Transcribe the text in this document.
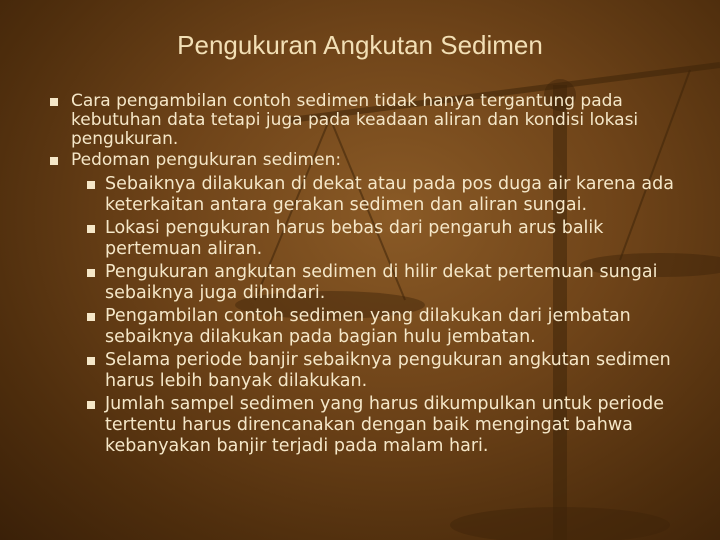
Pengukuran Angkutan Sedimen
Cara pengambilan contoh sedimen tidak hanya tergantung pada kebutuhan data tetapi juga pada keadaan aliran dan kondisi lokasi pengukuran.
Pedoman pengukuran sedimen:
Sebaiknya dilakukan di dekat atau pada pos duga air karena ada keterkaitan antara gerakan sedimen dan aliran sungai.
Lokasi pengukuran harus bebas dari pengaruh arus balik pertemuan aliran.
Pengukuran angkutan sedimen di hilir dekat pertemuan sungai sebaiknya juga dihindari.
Pengambilan contoh sedimen yang dilakukan dari jembatan sebaiknya dilakukan pada bagian hulu jembatan.
Selama periode banjir sebaiknya pengukuran angkutan sedimen harus lebih banyak dilakukan.
Jumlah sampel sedimen yang harus dikumpulkan untuk periode tertentu harus direncanakan dengan baik mengingat bahwa kebanyakan banjir terjadi pada malam hari.
